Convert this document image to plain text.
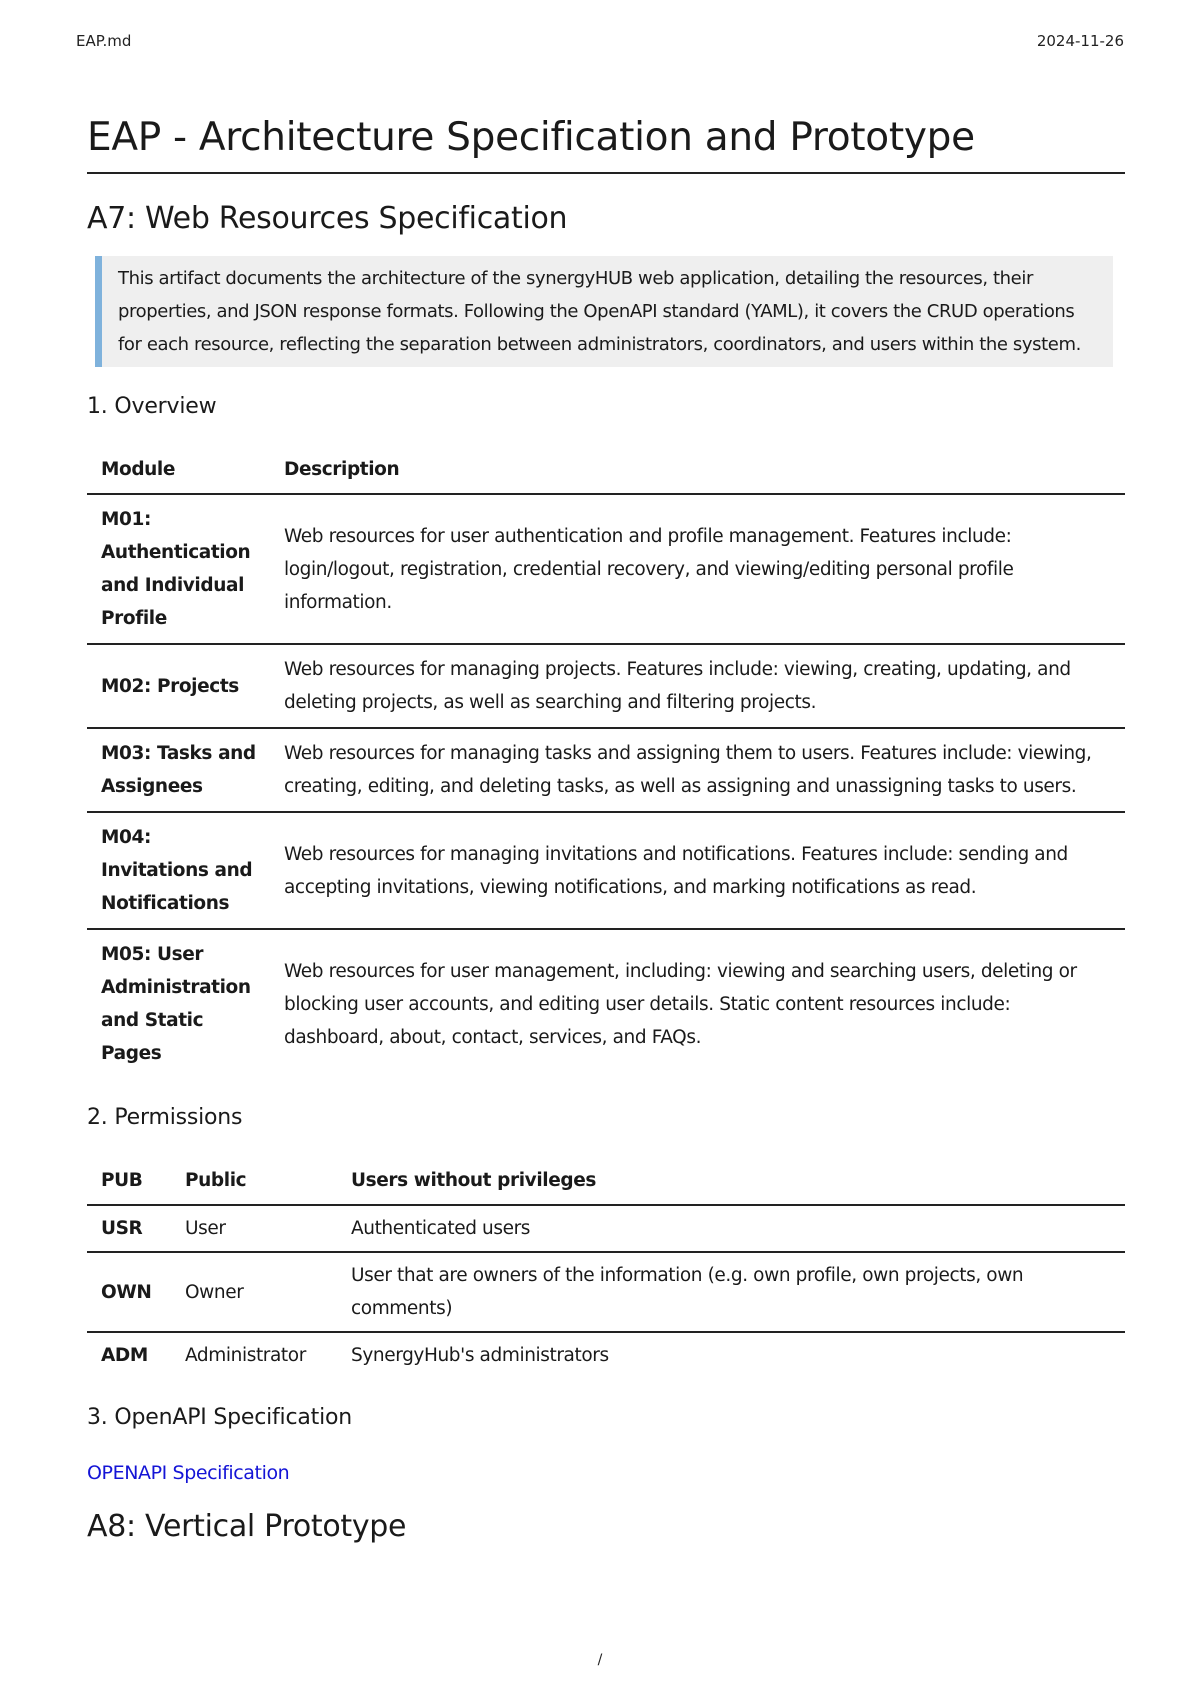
EAP.md	2024-11-26
EAP - Architecture Specification and Prototype
A7: Web Resources Specification
This artifact documents the architecture of the synergyHUB web application, detailing the resources, their properties, and JSON response formats. Following the OpenAPI standard (YAML), it covers the CRUD operations for each resource, reflecting the separation between administrators, coordinators, and users within the system.
1. Overview
Module	Description
M01: Authentication and Individual Profile	Web resources for user authentication and profile management. Features include: login/logout, registration, credential recovery, and viewing/editing personal profile information.
M02: Projects	Web resources for managing projects. Features include: viewing, creating, updating, and deleting projects, as well as searching and filtering projects.
M03: Tasks and Assignees	Web resources for managing tasks and assigning them to users. Features include: viewing, creating, editing, and deleting tasks, as well as assigning and unassigning tasks to users.
M04: Invitations and Notifications	Web resources for managing invitations and notifications. Features include: sending and accepting invitations, viewing notifications, and marking notifications as read.
M05: User Administration and Static Pages	Web resources for user management, including: viewing and searching users, deleting or blocking user accounts, and editing user details. Static content resources include: dashboard, about, contact, services, and FAQs.
2. Permissions
PUB	Public	Users without privileges
USR	User	Authenticated users
OWN	Owner	User that are owners of the information (e.g. own profile, own projects, own comments)
ADM	Administrator	SynergyHub's administrators
3. OpenAPI Specification
OPENAPI Specification
A8: Vertical Prototype
/
